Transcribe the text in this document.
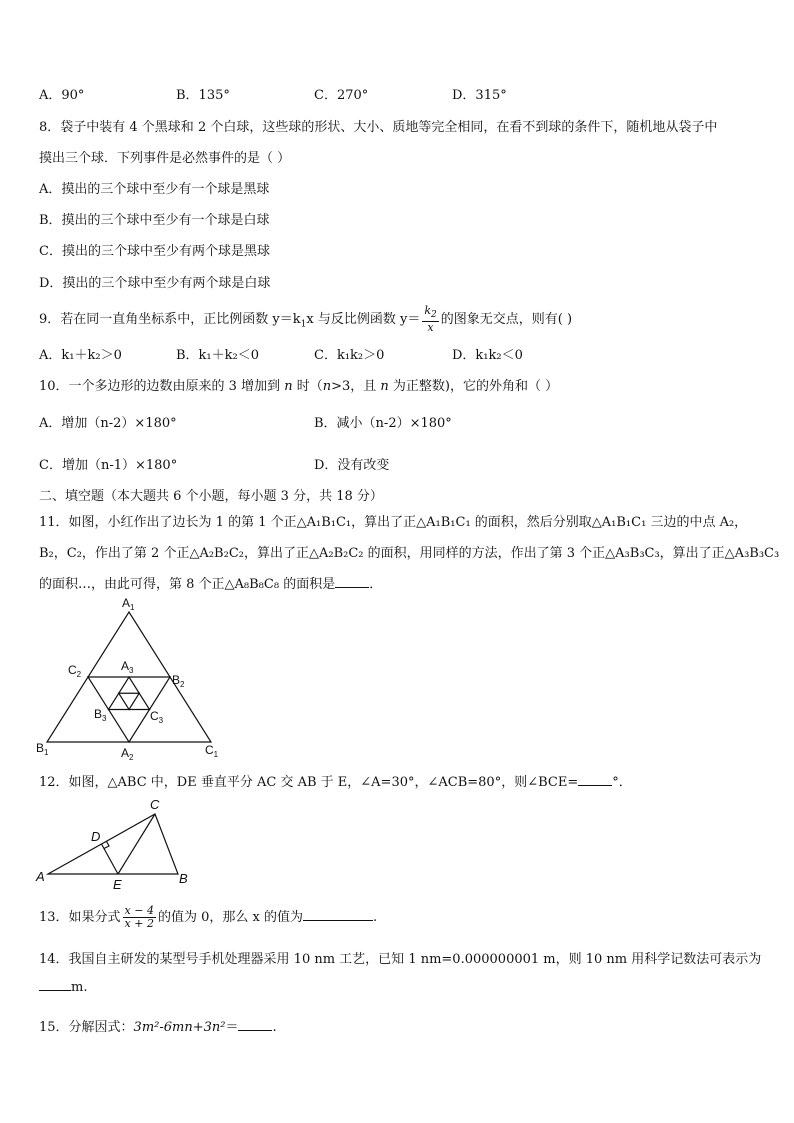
A．90°	B．135°	C．270°	D．315°
8．袋子中装有 4 个黑球和 2 个白球，这些球的形状、大小、质地等完全相同，在看不到球的条件下，随机地从袋子中
摸出三个球．下列事件是必然事件的是（ ）
A．摸出的三个球中至少有一个球是黑球
B．摸出的三个球中至少有一个球是白球
C．摸出的三个球中至少有两个球是黑球
D．摸出的三个球中至少有两个球是白球
9．若在同一直角坐标系中，正比例函数 $y=k_1x$ 与反比例函数 $y= \frac{k_2}{x}$ 的图象无交点，则有( )
A．k₁＋k₂＞0	B．k₁＋k₂＜0	C．k₁k₂＞0	D．k₁k₂＜0
10．一个多边形的边数由原来的 3 增加到 n 时（n>3，且 n 为正整数)，它的外角和（ ）
A．增加（n-2）×180°	B．减小（n-2）×180°
C．增加（n-1）×180°	D．没有改变
二、填空题（本大题共 6 个小题，每小题 3 分，共 18 分）
11．如图，小红作出了边长为 1 的第 1 个正△A₁B₁C₁，算出了正△A₁B₁C₁ 的面积，然后分别取△A₁B₁C₁ 三边的中点 A₂，
B₂，C₂，作出了第 2 个正△A₂B₂C₂，算出了正△A₂B₂C₂ 的面积，用同样的方法，作出了第 3 个正△A₃B₃C₃，算出了正△A₃B₃C₃
的面积…，由此可得，第 8 个正△A₈B₈C₈ 的面积是	．
$A_1$
$B_1$	$C_1$
$A_2$
$B_2$
$C_2$
$A_3$
$B_3$	$C_3$
12．如图，△ABC 中，DE 垂直平分 AC 交 AB 于 E，∠A=30°，∠ACB=80°，则∠BCE=	°．
A	B
C
D
E
13．如果分式 $\frac{x - 4}{x + 2}$ 的值为 0，那么 x 的值为	.
14．我国自主研发的某型号手机处理器采用 10 nm 工艺，已知 1 nm=0.000000001 m，则 10 nm 用科学记数法可表示为
m.
15．分解因式：3m²-6mn+3n²＝	.
